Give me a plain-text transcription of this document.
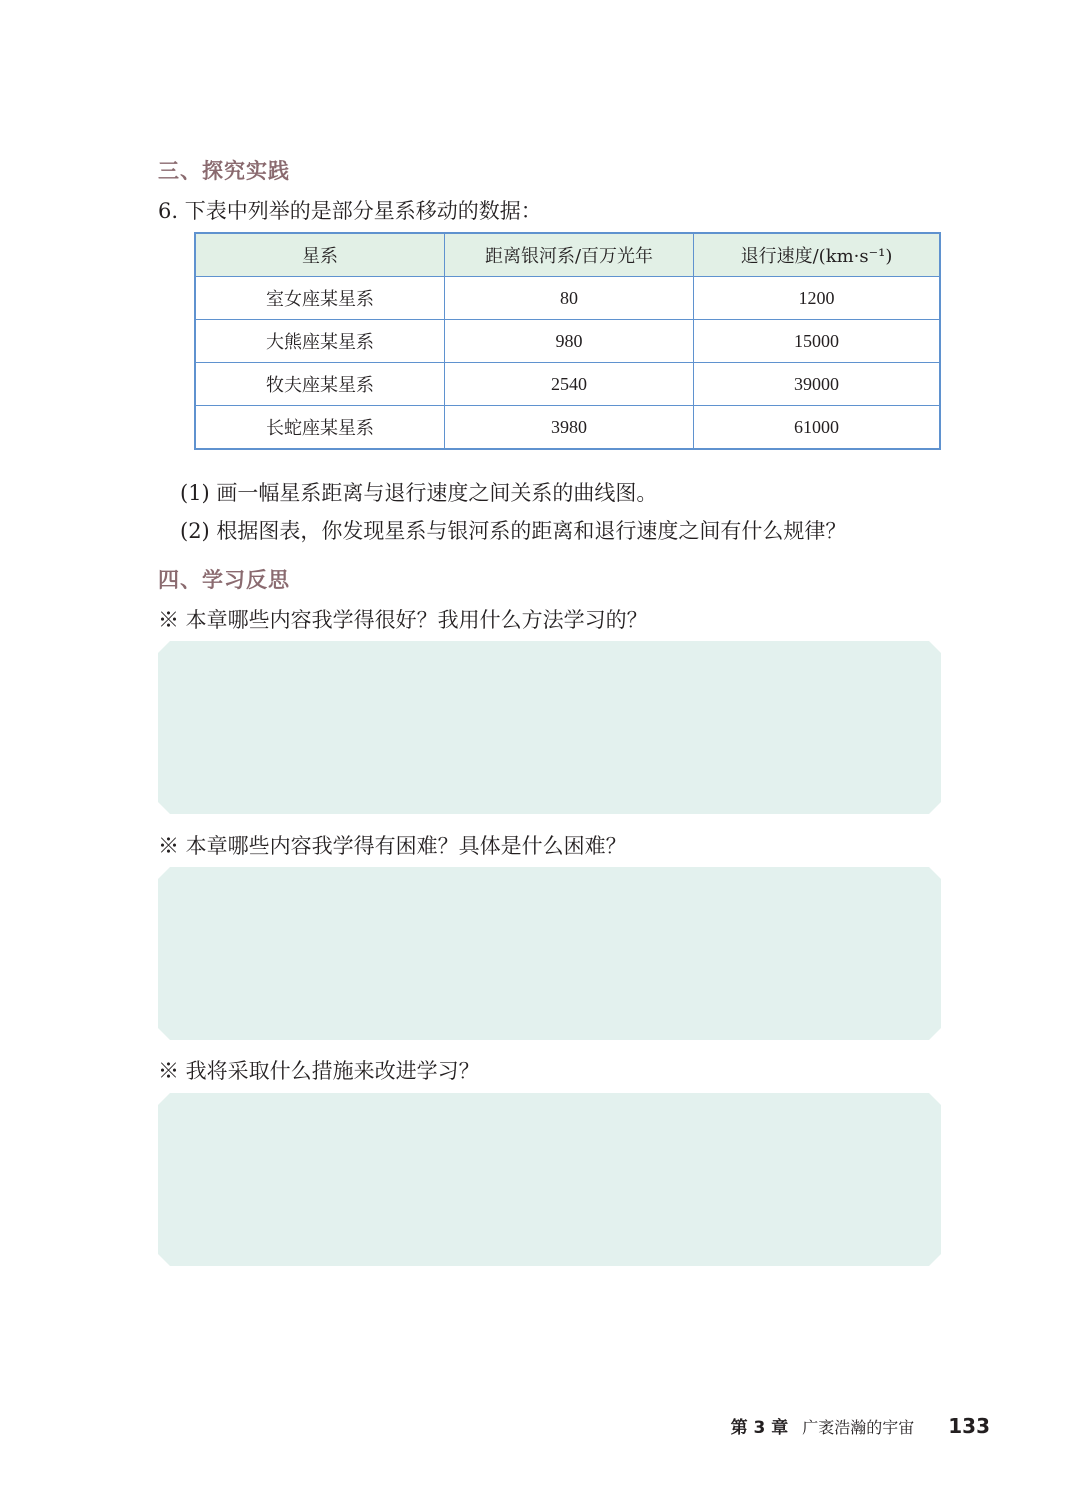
三、探究实践

6. 下表中列举的是部分星系移动的数据：

星系	距离银河系/百万光年	退行速度/(km·s⁻¹)
室女座某星系	80	1200
大熊座某星系	980	15000
牧夫座某星系	2540	39000
长蛇座某星系	3980	61000

(1) 画一幅星系距离与退行速度之间关系的曲线图。

(2) 根据图表，你发现星系与银河系的距离和退行速度之间有什么规律？

四、学习反思

※ 本章哪些内容我学得很好？我用什么方法学习的？

※ 本章哪些内容我学得有困难？具体是什么困难？

※ 我将采取什么措施来改进学习？

第 3 章 广袤浩瀚的宇宙 133
